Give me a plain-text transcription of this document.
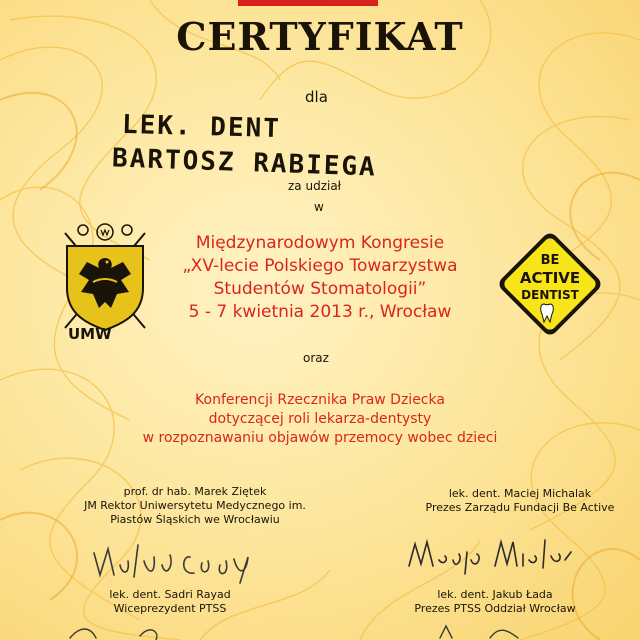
CERTYFIKAT
dla
LEK. DENT
BARTOSZ RABIEGA
za udział
w
UMW
Międzynarodowym Kongresie
„XV-lecie Polskiego Towarzystwa
Studentów Stomatologii”
5 - 7 kwietnia 2013 r., Wrocław
BE
ACTIVE
DENTIST
oraz
Konferencji Rzecznika Praw Dziecka
dotyczącej roli lekarza-dentysty
w rozpoznawaniu objawów przemocy wobec dzieci
prof. dr hab. Marek Ziętek
JM Rektor Uniwersytetu Medycznego im.
Piastów Śląskich we Wrocławiu
lek. dent. Maciej Michalak
Prezes Zarządu Fundacji Be Active
lek. dent. Sadri Rayad
Wiceprezydent PTSS
lek. dent. Jakub Łada
Prezes PTSS Oddział Wrocław
